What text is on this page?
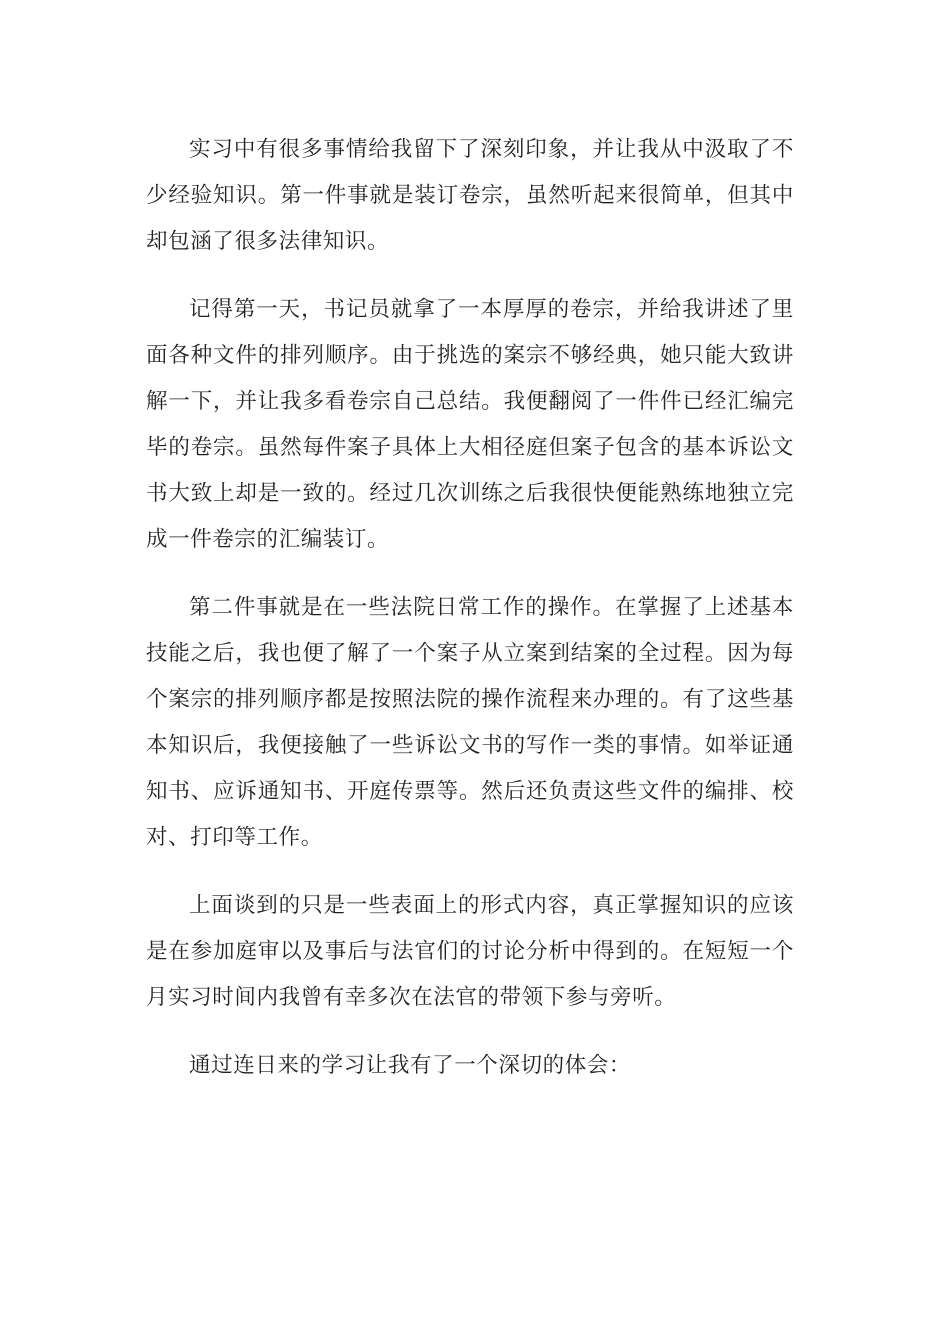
实习中有很多事情给我留下了深刻印象，并让我从中汲取了不少经验知识。第一件事就是装订卷宗，虽然听起来很简单，但其中却包涵了很多法律知识。

记得第一天，书记员就拿了一本厚厚的卷宗，并给我讲述了里面各种文件的排列顺序。由于挑选的案宗不够经典，她只能大致讲解一下，并让我多看卷宗自己总结。我便翻阅了一件件已经汇编完毕的卷宗。虽然每件案子具体上大相径庭但案子包含的基本诉讼文书大致上却是一致的。经过几次训练之后我很快便能熟练地独立完成一件卷宗的汇编装订。

第二件事就是在一些法院日常工作的操作。在掌握了上述基本技能之后，我也便了解了一个案子从立案到结案的全过程。因为每个案宗的排列顺序都是按照法院的操作流程来办理的。有了这些基本知识后，我便接触了一些诉讼文书的写作一类的事情。如举证通知书、应诉通知书、开庭传票等。然后还负责这些文件的编排、校对、打印等工作。

上面谈到的只是一些表面上的形式内容，真正掌握知识的应该是在参加庭审以及事后与法官们的讨论分析中得到的。在短短一个月实习时间内我曾有幸多次在法官的带领下参与旁听。

通过连日来的学习让我有了一个深切的体会：
